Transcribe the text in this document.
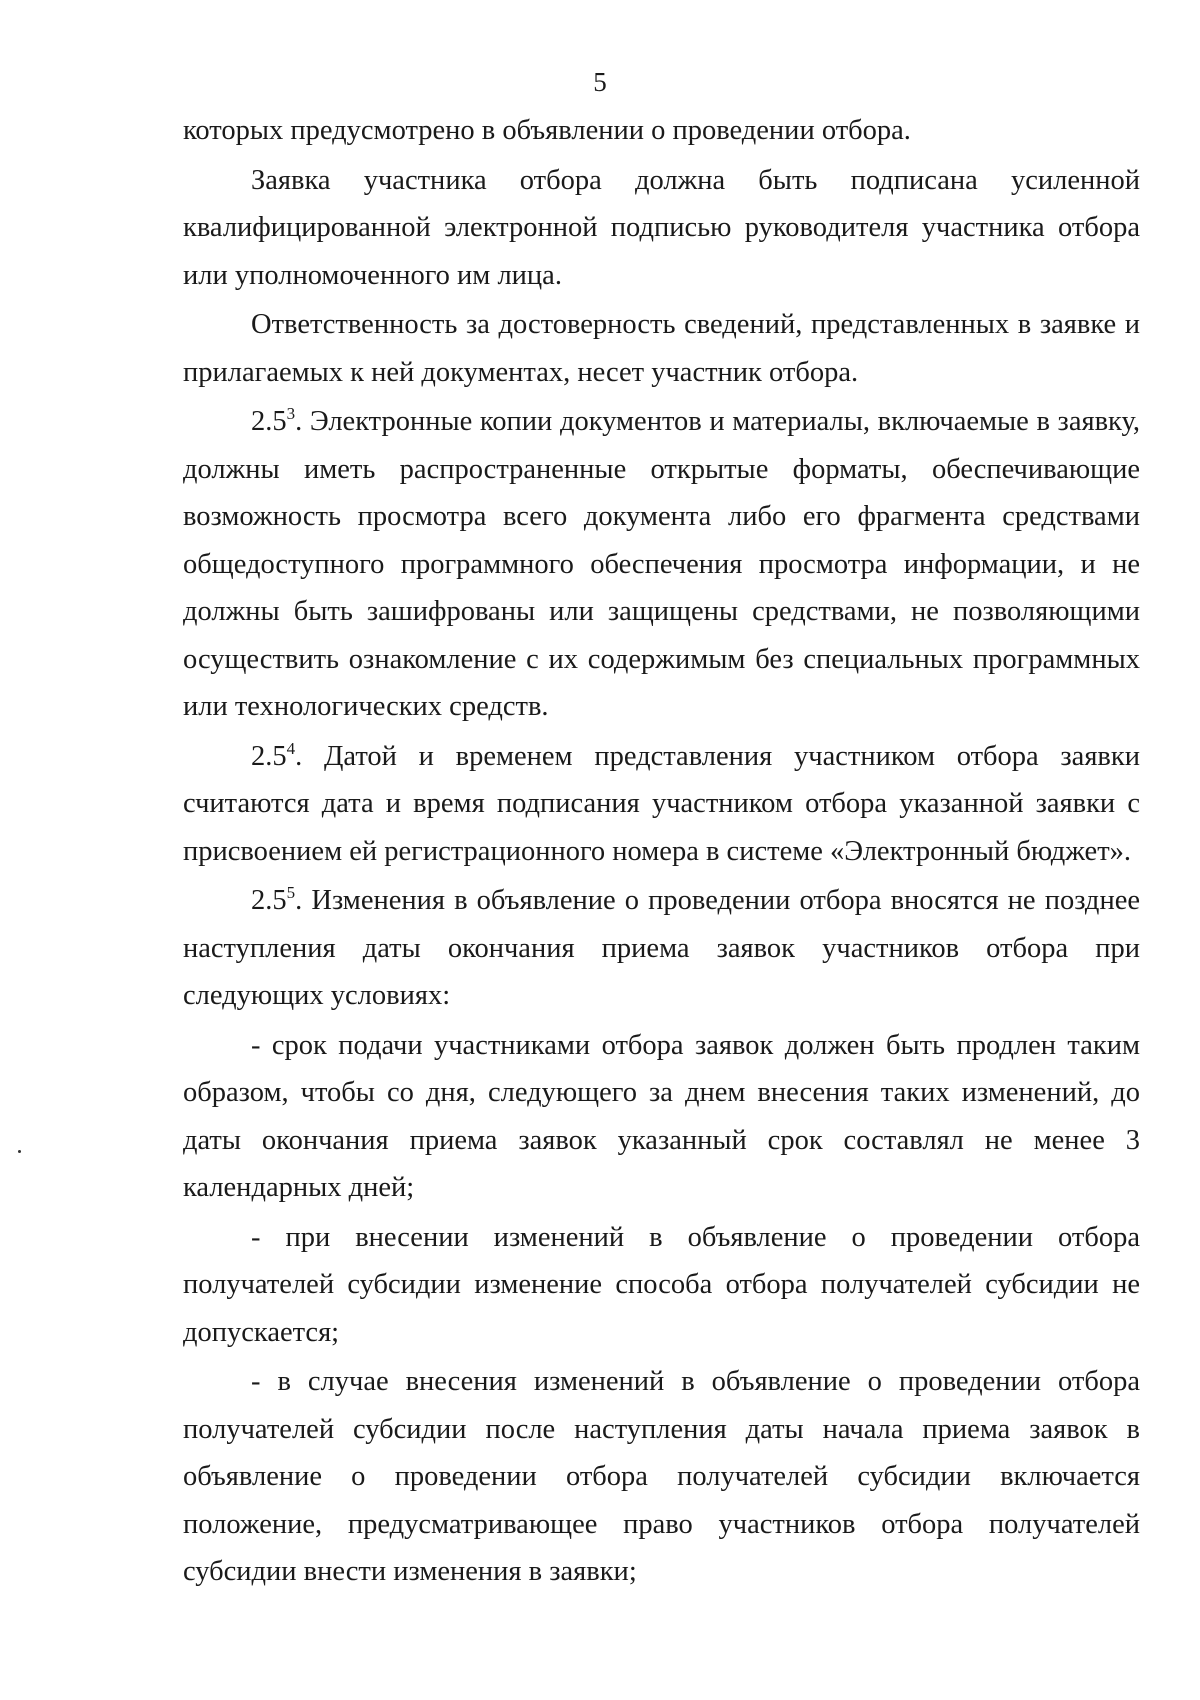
5

которых предусмотрено в объявлении о проведении отбора.

Заявка участника отбора должна быть подписана усиленной квалифицированной электронной подписью руководителя участника отбора или уполномоченного им лица.

Ответственность за достоверность сведений, представленных в заявке и прилагаемых к ней документах, несет участник отбора.

$2.5^3$. Электронные копии документов и материалы, включаемые в заявку, должны иметь распространенные открытые форматы, обеспечивающие возможность просмотра всего документа либо его фрагмента средствами общедоступного программного обеспечения просмотра информации, и не должны быть зашифрованы или защищены средствами, не позволяющими осуществить ознакомление с их содержимым без специальных программных или технологических средств.

$2.5^4$. Датой и временем представления участником отбора заявки считаются дата и время подписания участником отбора указанной заявки с присвоением ей регистрационного номера в системе «Электронный бюджет».

$2.5^5$. Изменения в объявление о проведении отбора вносятся не позднее наступления даты окончания приема заявок участников отбора при следующих условиях:

- срок подачи участниками отбора заявок должен быть продлен таким образом, чтобы со дня, следующего за днем внесения таких изменений, до даты окончания приема заявок указанный срок составлял не менее 3 календарных дней;

- при внесении изменений в объявление о проведении отбора получателей субсидии изменение способа отбора получателей субсидии не допускается;

- в случае внесения изменений в объявление о проведении отбора получателей субсидии после наступления даты начала приема заявок в объявление о проведении отбора получателей субсидии включается положение, предусматривающее право участников отбора получателей субсидии внести изменения в заявки;
